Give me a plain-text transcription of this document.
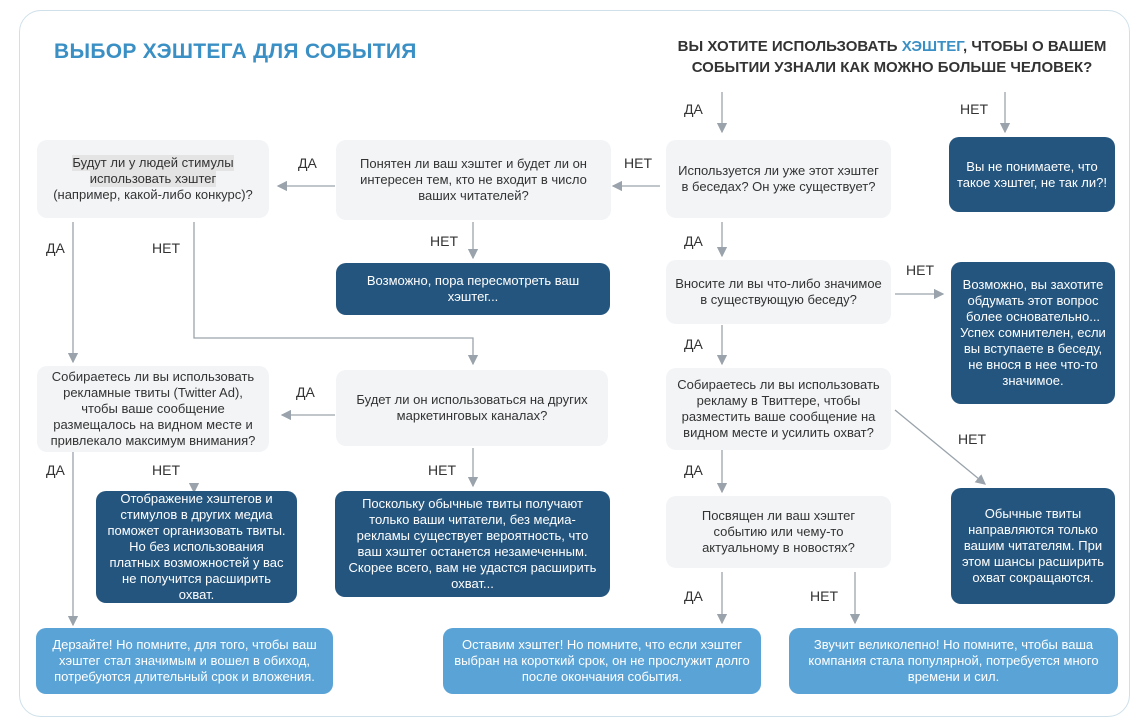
ВЫБОР ХЭШТЕГА ДЛЯ СОБЫТИЯ	ВЫ ХОТИТЕ ИСПОЛЬЗОВАТЬ ХЭШТЕГ, ЧТОБЫ О ВАШЕМ СОБЫТИИ УЗНАЛИ КАК МОЖНО БОЛЬШЕ ЧЕЛОВЕК?
ДА	НЕТ
НЕТ
ДА
НЕТ	ДА
НЕТ
ДА	НЕТ
ДА
ДА
НЕТ
ДА	НЕТ	НЕТ	ДА
ДА	НЕТ
Используется ли уже этот хэштег в беседах? Он уже существует?
Вы не понимаете, что такое хэштег, не так ли?!
Понятен ли ваш хэштег и будет ли он интересен тем, кто не входит в число ваших читателей?
Будут ли у людей стимулы
использовать хэштег
(например, какой-либо конкурс)?
Возможно, пора пересмотреть ваш хэштег...
Вносите ли вы что-либо значимое в существующую беседу?
Возможно, вы захотите обдумать этот вопрос более основательно... Успех сомнителен, если вы вступаете в беседу, не внося в нее что-то значимое.
Собираетесь ли вы использовать рекламные твиты (Twitter Ad), чтобы ваше сообщение размещалось на видном месте и привлекало максимум внимания?
Будет ли он использоваться на других маркетинговых каналах?
Собираетесь ли вы использовать рекламу в Твиттере, чтобы разместить ваше сообщение на видном месте и усилить охват?
Отображение хэштегов и стимулов в других медиа поможет организовать твиты. Но без использования платных возможностей у вас не получится расширить охват.
Поскольку обычные твиты получают только ваши читатели, без медиа-рекламы существует вероятность, что ваш хэштег останется незамеченным. Скорее всего, вам не удастся расширить охват...
Посвящен ли ваш хэштег событию или чему-то актуальному в новостях?
Обычные твиты направляются только вашим читателям. При этом шансы расширить охват сокращаются.
Дерзайте! Но помните, для того, чтобы ваш хэштег стал значимым и вошел в обиход, потребуются длительный срок и вложения.
Оставим хэштег! Но помните, что если хэштег выбран на короткий срок, он не прослужит долго после окончания события.
Звучит великолепно! Но помните, чтобы ваша компания стала популярной, потребуется много времени и сил.
